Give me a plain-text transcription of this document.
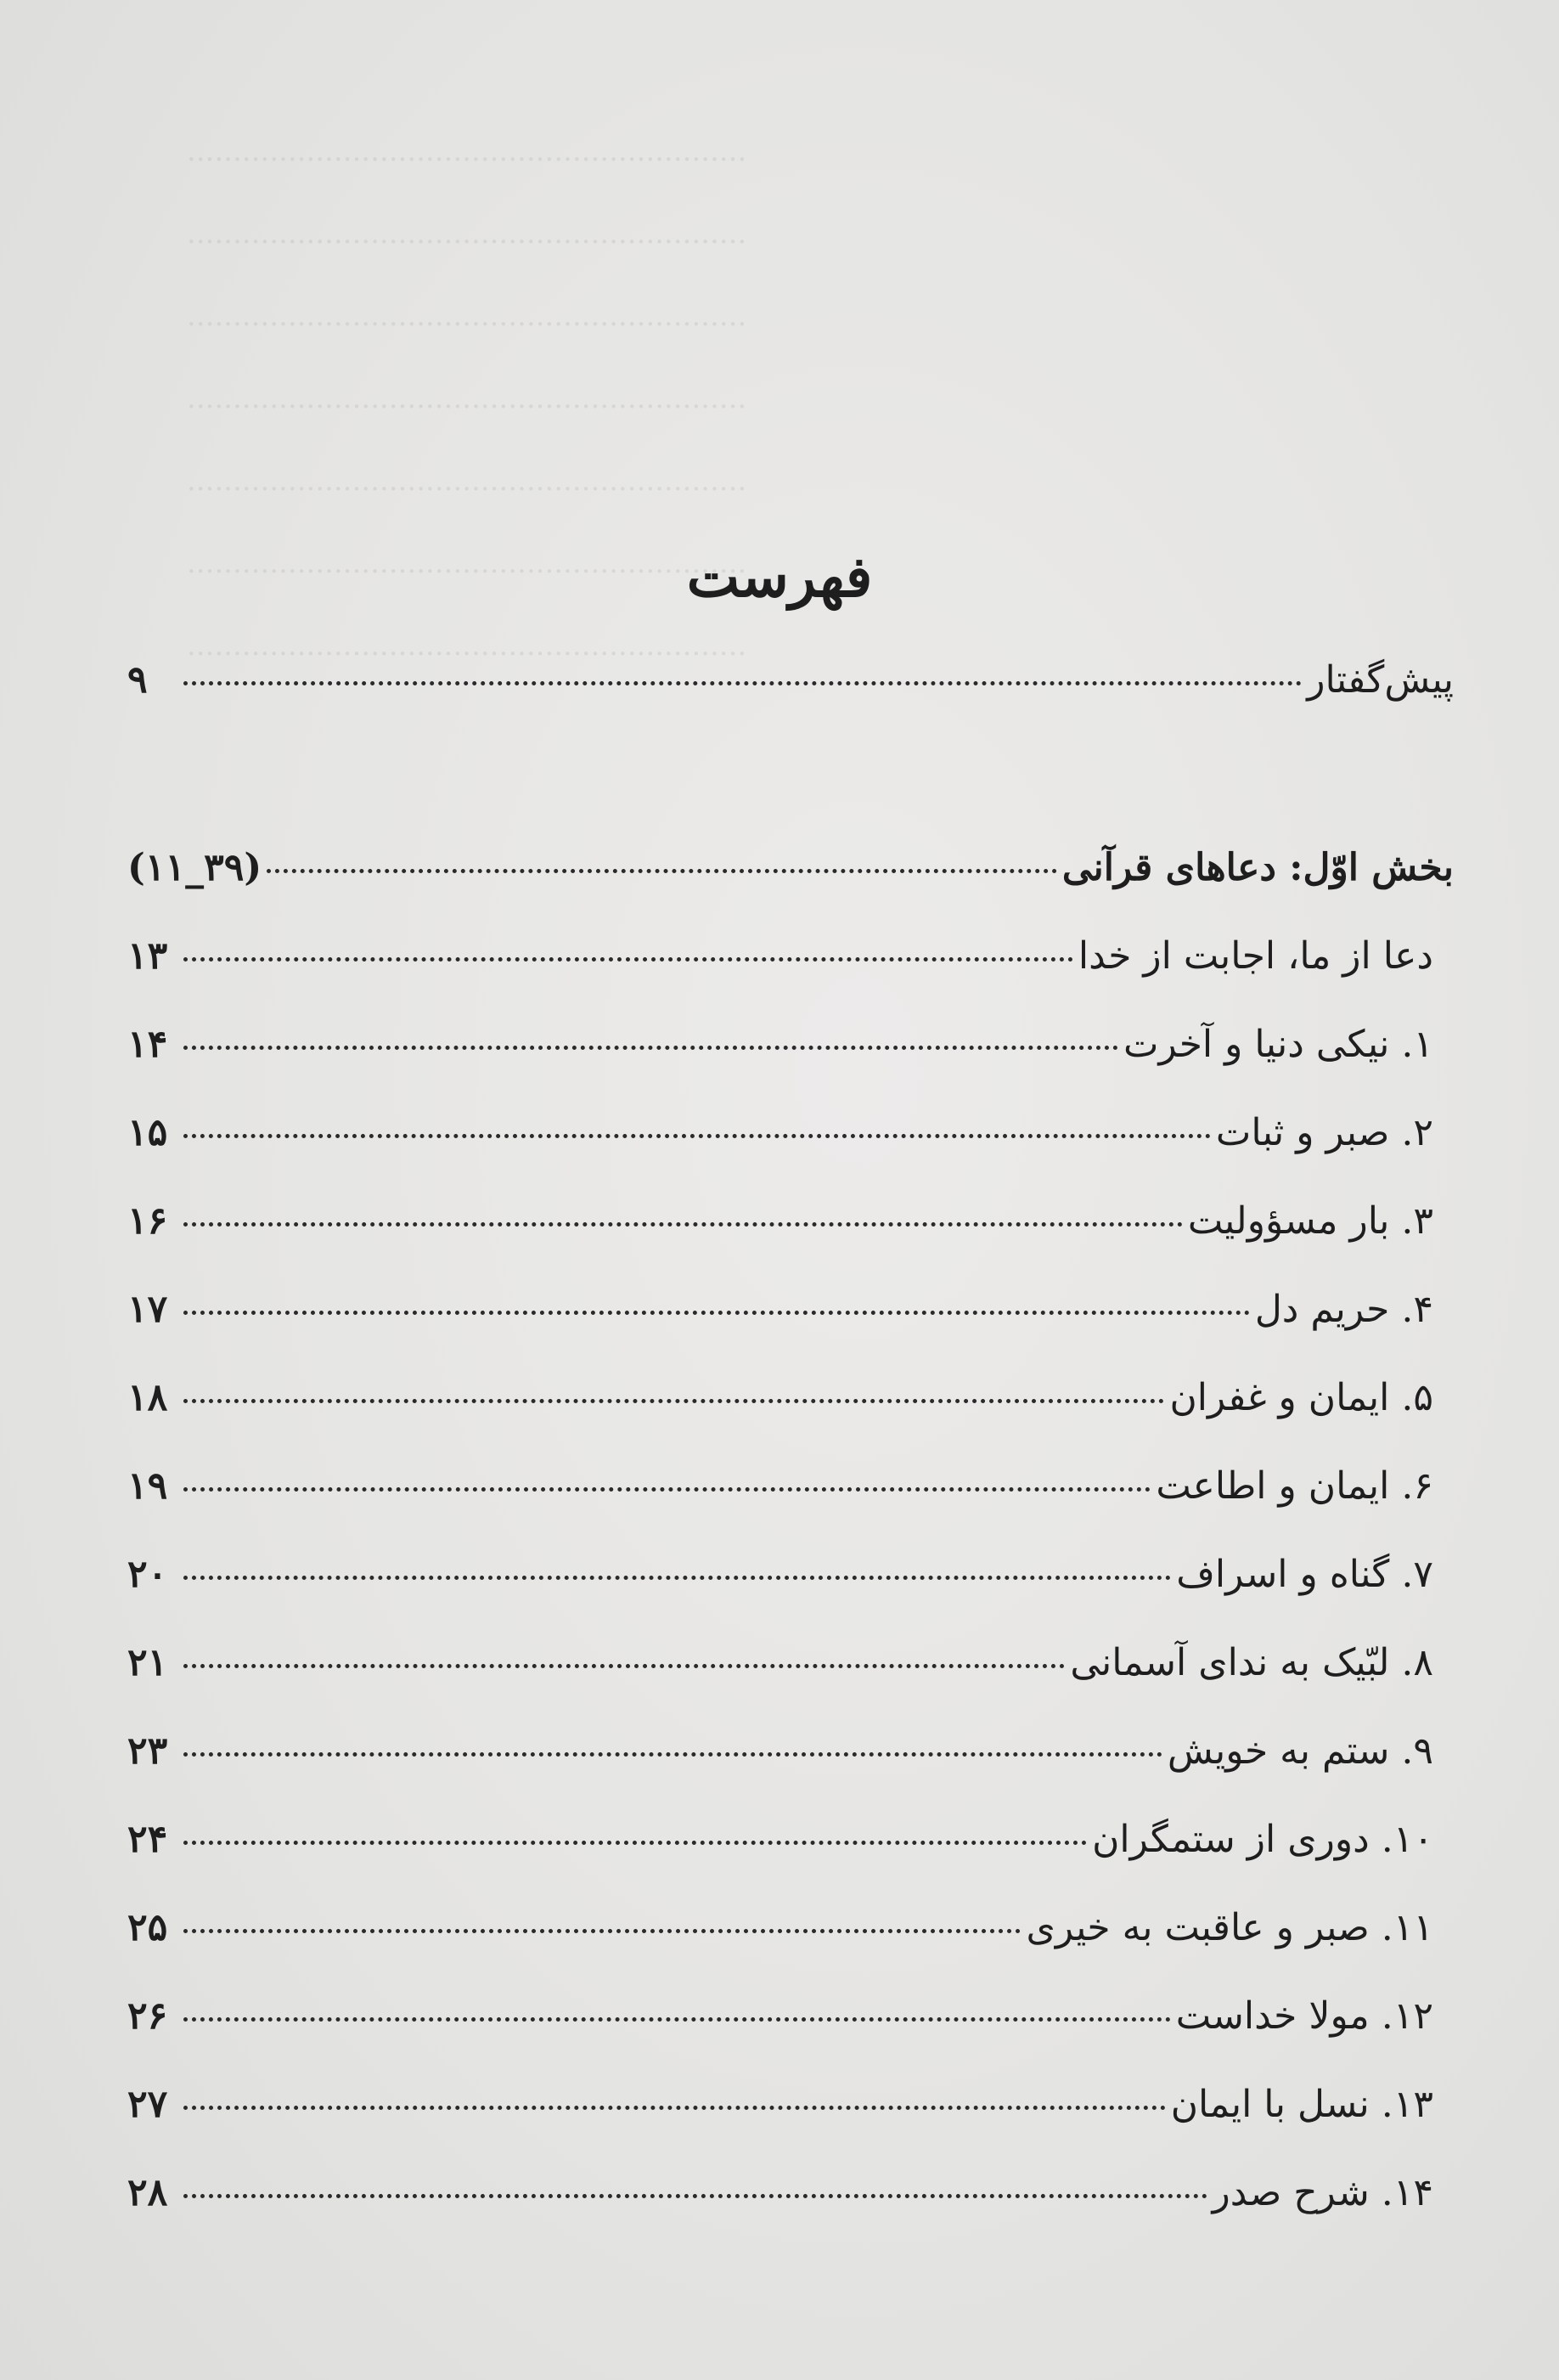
.............................................................
.............................................................
.............................................................
.............................................................
.............................................................
.............................................................
.............................................................
فهرست
پیش‌گفتار
۹
بخش اوّل: دعاهای قرآنی
(۳۹_۱۱)
دعا از ما، اجابت از خدا
۱۳
۱. نیکی دنیا و آخرت
۱۴
۲. صبر و ثبات
۱۵
۳. بار مسؤولیت
۱۶
۴. حریم دل
۱۷
۵. ایمان و غفران
۱۸
۶. ایمان و اطاعت
۱۹
۷. گناه و اسراف
۲۰
۸. لبّیک به ندای آسمانی
۲۱
۹. ستم به خویش
۲۳
۱۰. دوری از ستمگران
۲۴
۱۱. صبر و عاقبت به خیری
۲۵
۱۲. مولا خداست
۲۶
۱۳. نسل با ایمان
۲۷
۱۴. شرح صدر
۲۸
